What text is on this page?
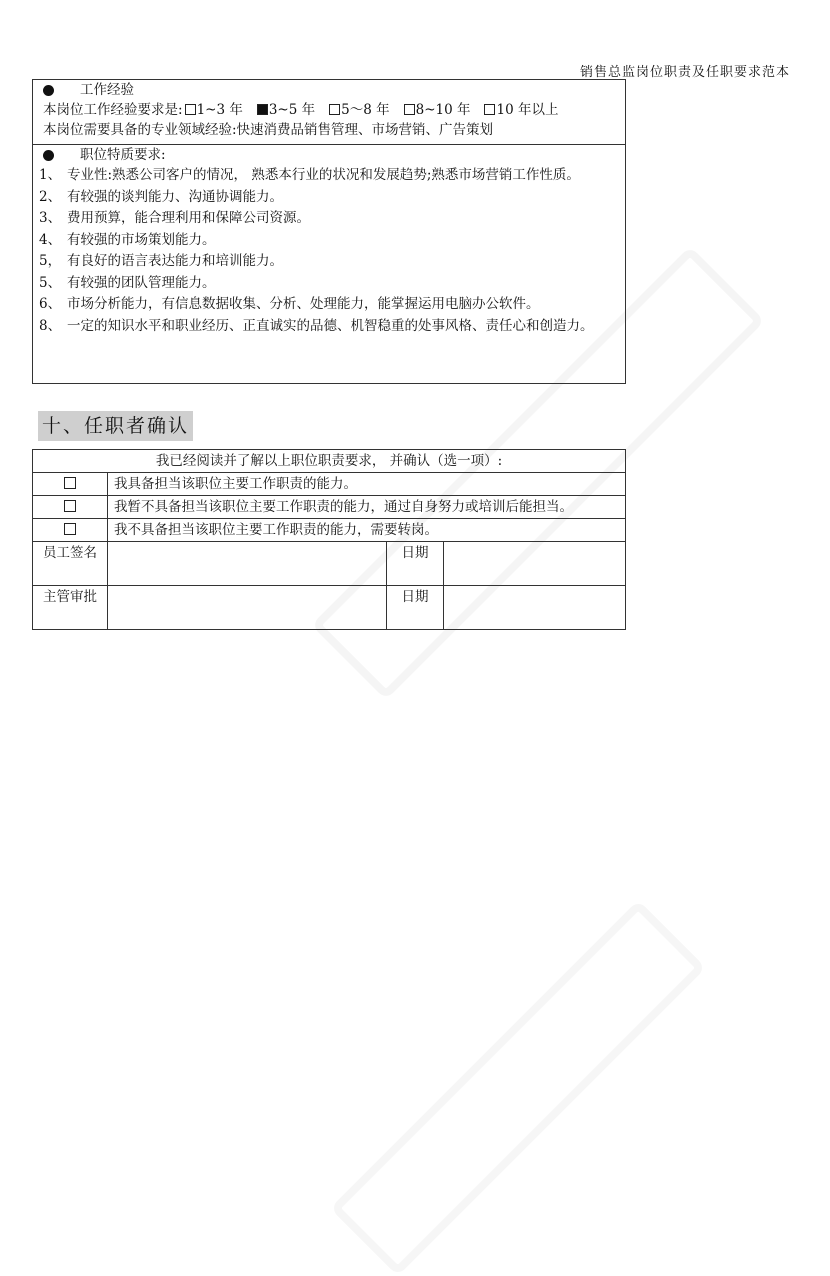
销售总监岗位职责及任职要求范本
工作经验
本岗位工作经验要求是: 1~3 年 3~5 年 5～8 年 8~10 年 10 年以上
本岗位需要具备的专业领域经验:快速消费品销售管理、市场营销、广告策划
职位特质要求:
1、 专业性:熟悉公司客户的情况， 熟悉本行业的状况和发展趋势;熟悉市场营销工作性质。
2、 有较强的谈判能力、沟通协调能力。
3、 费用预算，能合理利用和保障公司资源。
4、 有较强的市场策划能力。
5， 有良好的语言表达能力和培训能力。
5、 有较强的团队管理能力。
6、 市场分析能力，有信息数据收集、分析、处理能力，能掌握运用电脑办公软件。
8、 一定的知识水平和职业经历、正直诚实的品德、机智稳重的处事风格、责任心和创造力。
十、任职者确认
我已经阅读并了解以上职位职责要求， 并确认（选一项）:			
	我具备担当该职位主要工作职责的能力。		
	我暂不具备担当该职位主要工作职责的能力，通过自身努力或培训后能担当。		
	我不具备担当该职位主要工作职责的能力，需要转岗。		
员工签名		日期	
主管审批		日期	
